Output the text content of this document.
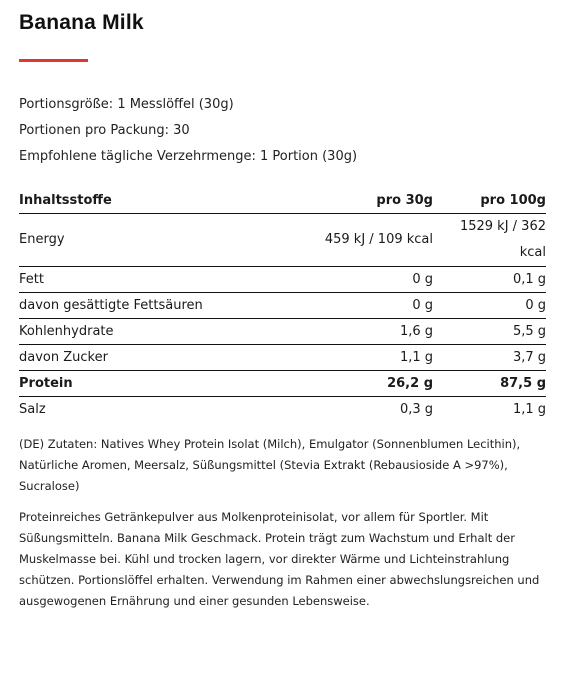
Banana Milk
Portionsgröße: 1 Messlöffel (30g)
Portionen pro Packung: 30
Empfohlene tägliche Verzehrmenge: 1 Portion (30g)
Inhaltsstoffe	pro 30g	pro 100g
Energy	459 kJ / 109 kcal	1529 kJ / 362
kcal

Fett	0 g	0,1 g
davon gesättigte Fettsäuren	0 g	0 g
Kohlenhydrate	1,6 g	5,5 g
davon Zucker	1,1 g	3,7 g
Protein	26,2 g	87,5 g
Salz	0,3 g	1,1 g

(DE) Zutaten: Natives Whey Protein Isolat (Milch), Emulgator (Sonnenblumen Lecithin), Natürliche Aromen, Meersalz, Süßungsmittel (Stevia Extrakt (Rebausioside A >97%), Sucralose)

Proteinreiches Getränkepulver aus Molkenproteinisolat, vor allem für Sportler. Mit Süßungsmitteln. Banana Milk Geschmack. Protein trägt zum Wachstum und Erhalt der Muskelmasse bei. Kühl und trocken lagern, vor direkter Wärme und Lichteinstrahlung schützen. Portionslöffel erhalten. Verwendung im Rahmen einer abwechslungsreichen und ausgewogenen Ernährung und einer gesunden Lebensweise.
